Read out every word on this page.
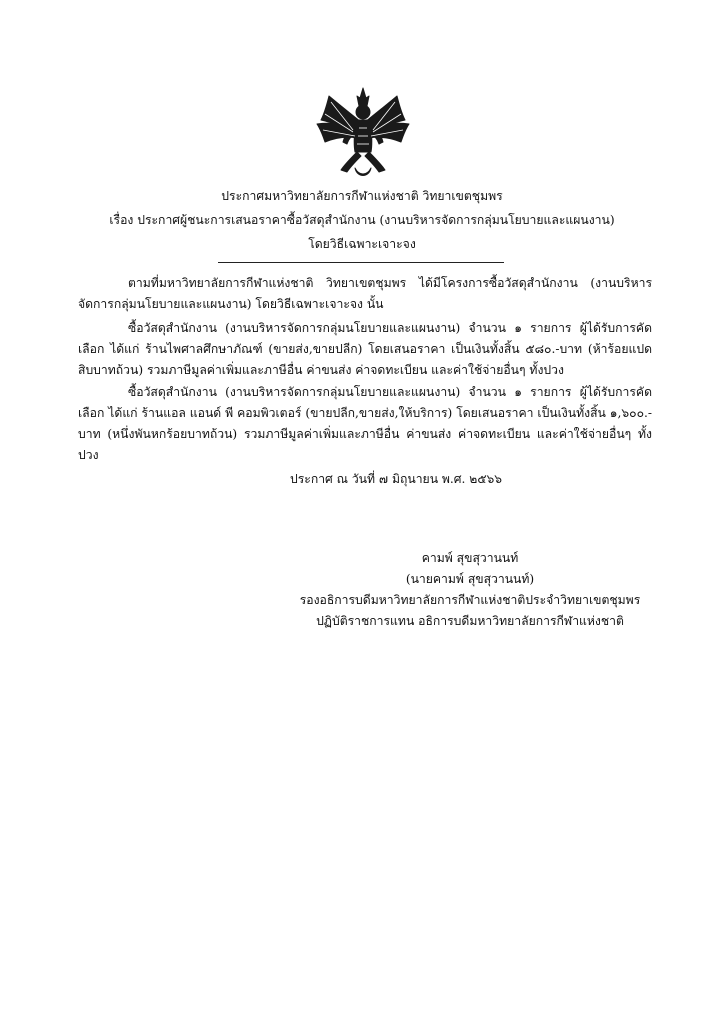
ประกาศมหาวิทยาลัยการกีฬาแห่งชาติ วิทยาเขตชุมพร
เรื่อง ประกาศผู้ชนะการเสนอราคาซื้อวัสดุสำนักงาน (งานบริหารจัดการกลุ่มนโยบายและแผนงาน)
โดยวิธีเฉพาะเจาะจง

ตามที่มหาวิทยาลัยการกีฬาแห่งชาติ วิทยาเขตชุมพร ได้มีโครงการซื้อวัสดุสำนักงาน (งานบริหารจัดการกลุ่มนโยบายและแผนงาน) โดยวิธีเฉพาะเจาะจง นั้น

ซื้อวัสดุสำนักงาน (งานบริหารจัดการกลุ่มนโยบายและแผนงาน) จำนวน ๑ รายการ ผู้ได้รับการคัดเลือก ได้แก่ ร้านไพศาลศึกษาภัณฑ์ (ขายส่ง,ขายปลีก) โดยเสนอราคา เป็นเงินทั้งสิ้น ๕๘๐.-บาท (ห้าร้อยแปดสิบบาทถ้วน) รวมภาษีมูลค่าเพิ่มและภาษีอื่น ค่าขนส่ง ค่าจดทะเบียน และค่าใช้จ่ายอื่นๆ ทั้งปวง

ซื้อวัสดุสำนักงาน (งานบริหารจัดการกลุ่มนโยบายและแผนงาน) จำนวน ๑ รายการ ผู้ได้รับการคัดเลือก ได้แก่ ร้านแอล แอนด์ พี คอมพิวเตอร์ (ขายปลีก,ขายส่ง,ให้บริการ) โดยเสนอราคา เป็นเงินทั้งสิ้น ๑,๖๐๐.-บาท (หนึ่งพันหกร้อยบาทถ้วน) รวมภาษีมูลค่าเพิ่มและภาษีอื่น ค่าขนส่ง ค่าจดทะเบียน และค่าใช้จ่ายอื่นๆ ทั้งปวง

ประกาศ ณ วันที่ ๗ มิถุนายน พ.ศ. ๒๕๖๖
คามพ์ สุขสุวานนท์
(นายคามพ์ สุขสุวานนท์)
รองอธิการบดีมหาวิทยาลัยการกีฬาแห่งชาติประจำวิทยาเขตชุมพร
ปฏิบัติราชการแทน อธิการบดีมหาวิทยาลัยการกีฬาแห่งชาติ
